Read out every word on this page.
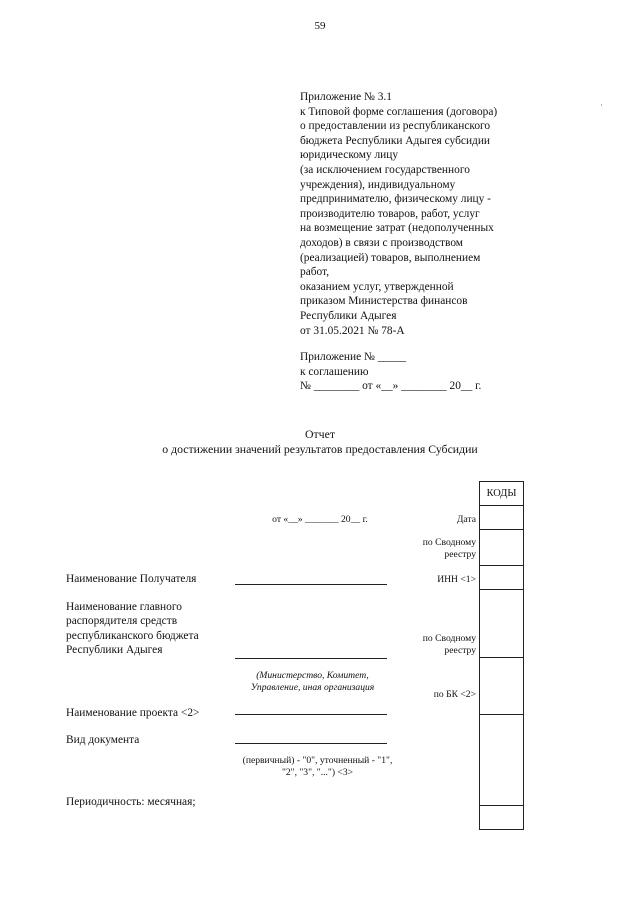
59
·
Приложение № 3.1
к Типовой форме соглашения (договора)
о предоставлении из республиканского
бюджета Республики Адыгея субсидии
юридическому лицу
(за исключением государственного
учреждения), индивидуальному
предпринимателю, физическому лицу -
производителю товаров, работ, услуг
на возмещение затрат (недополученных
доходов) в связи с производством
(реализацией) товаров, выполнением
работ,
оказанием услуг, утвержденной
приказом Министерства финансов
Республики Адыгея
от 31.05.2021 № 78-А
Приложение № _____
к соглашению
№ ________ от «__» ________ 20__ г.
Отчет
о достижении значений результатов предоставления Субсидии
от «__» _______ 20__ г.	Дата
по Сводному
реестру
ИНН <1>
по Сводному
реестру
по БК <2>
КОДЫ
Наименование Получателя
Наименование главного
распорядителя средств
республиканского бюджета
Республики Адыгея
(Министерство, Комитет,
Управление, иная организация
Наименование проекта <2>
Вид документа
(первичный) - "0", уточненный - "1",
"2", "3", "...") <3>
Периодичность: месячная;
